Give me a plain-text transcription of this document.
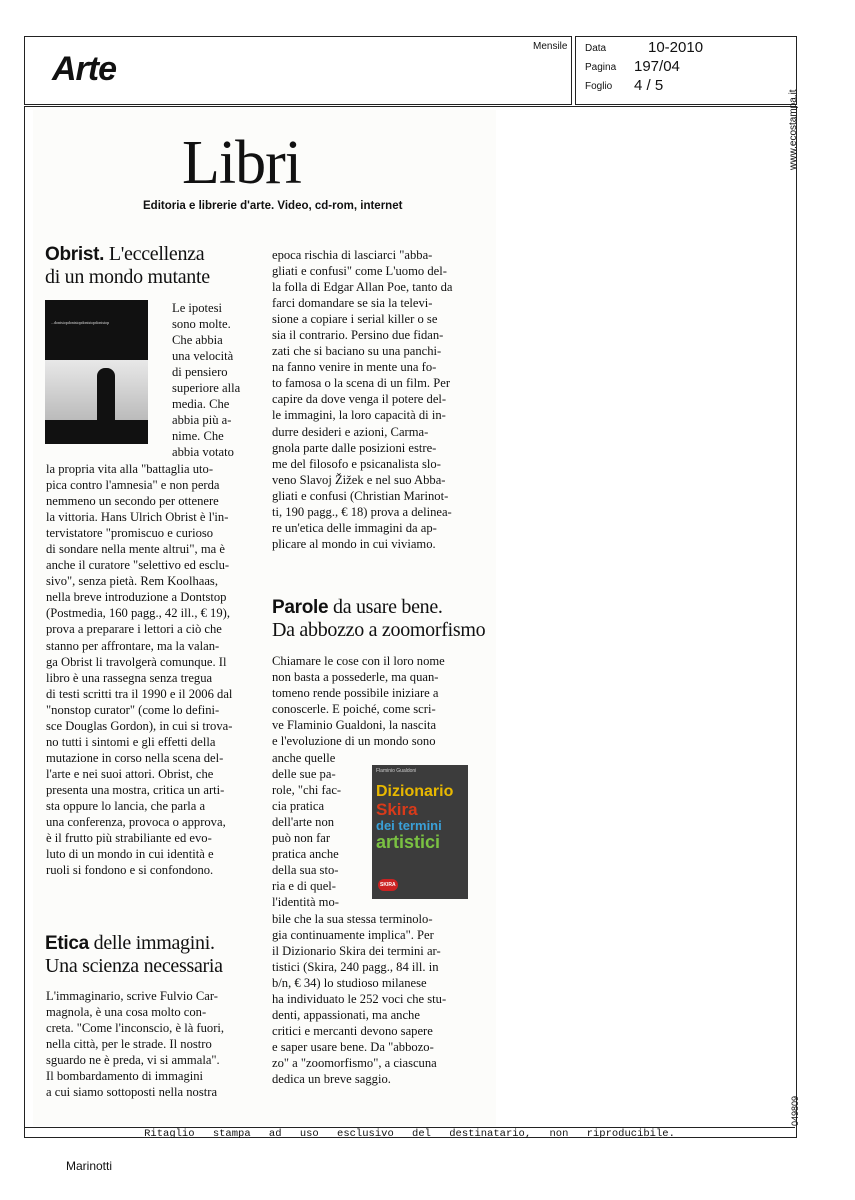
Arte
Mensile Data	10-2010
Pagina 197/04
Foglio 4 / 5
www.ecostampa.it
049809
Ritaglio stampa ad uso esclusivo del destinatario, non riproducibile.
Marinotti
Libri
Editoria e librerie d'arte. Video, cd-rom, internet
Obrist. L'eccellenza
di un mondo mutante
...dontstopdontstopdontstopdontstop
Le ipotesi
sono molte.
Che abbia
una velocità
di pensiero
superiore alla
media. Che
abbia più a-
nime. Che
abbia votato
la propria vita alla "battaglia uto-
pica contro l'amnesia" e non perda
nemmeno un secondo per ottenere
la vittoria. Hans Ulrich Obrist è l'in-
tervistatore "promiscuo e curioso
di sondare nella mente altrui", ma è
anche il curatore "selettivo ed esclu-
sivo", senza pietà. Rem Koolhaas,
nella breve introduzione a Dontstop
(Postmedia, 160 pagg., 42 ill., € 19),
prova a preparare i lettori a ciò che
stanno per affrontare, ma la valan-
ga Obrist li travolgerà comunque. Il
libro è una rassegna senza tregua
di testi scritti tra il 1990 e il 2006 dal
"nonstop curator" (come lo defini-
sce Douglas Gordon), in cui si trova-
no tutti i sintomi e gli effetti della
mutazione in corso nella scena del-
l'arte e nei suoi attori. Obrist, che
presenta una mostra, critica un arti-
sta oppure lo lancia, che parla a
una conferenza, provoca o approva,
è il frutto più strabiliante ed evo-
luto di un mondo in cui identità e
ruoli si fondono e si confondono.
Etica delle immagini.
Una scienza necessaria
L'immaginario, scrive Fulvio Car-
magnola, è una cosa molto con-
creta. "Come l'inconscio, è là fuori,
nella città, per le strade. Il nostro
sguardo ne è preda, vi si ammala".
Il bombardamento di immagini
a cui siamo sottoposti nella nostra
epoca rischia di lasciarci "abba-
gliati e confusi" come L'uomo del-
la folla di Edgar Allan Poe, tanto da
farci domandare se sia la televi-
sione a copiare i serial killer o se
sia il contrario. Persino due fidan-
zati che si baciano su una panchi-
na fanno venire in mente una fo-
to famosa o la scena di un film. Per
capire da dove venga il potere del-
le immagini, la loro capacità di in-
durre desideri e azioni, Carma-
gnola parte dalle posizioni estre-
me del filosofo e psicanalista slo-
veno Slavoj Žižek e nel suo Abba-
gliati e confusi (Christian Marinot-
ti, 190 pagg., € 18) prova a delinea-
re un'etica delle immagini da ap-
plicare al mondo in cui viviamo.
Parole da usare bene.
Da abbozzo a zoomorfismo
Chiamare le cose con il loro nome
non basta a possederle, ma quan-
tomeno rende possibile iniziare a
conoscerle. E poiché, come scri-
ve Flaminio Gualdoni, la nascita
e l'evoluzione di un mondo sono
anche quelle
delle sue pa-
role, "chi fac-
cia pratica
dell'arte non
può non far
pratica anche
della sua sto-
ria e di quel-
l'identità mo-
Flaminio Gualdoni
Dizionario
Skira
dei termini
artistici
SKIRA
bile che la sua stessa terminolo-
gia continuamente implica". Per
il Dizionario Skira dei termini ar-
tistici (Skira, 240 pagg., 84 ill. in
b/n, € 34) lo studioso milanese
ha individuato le 252 voci che stu-
denti, appassionati, ma anche
critici e mercanti devono sapere
e saper usare bene. Da "abbozo-
zo" a "zoomorfismo", a ciascuna
dedica un breve saggio.
